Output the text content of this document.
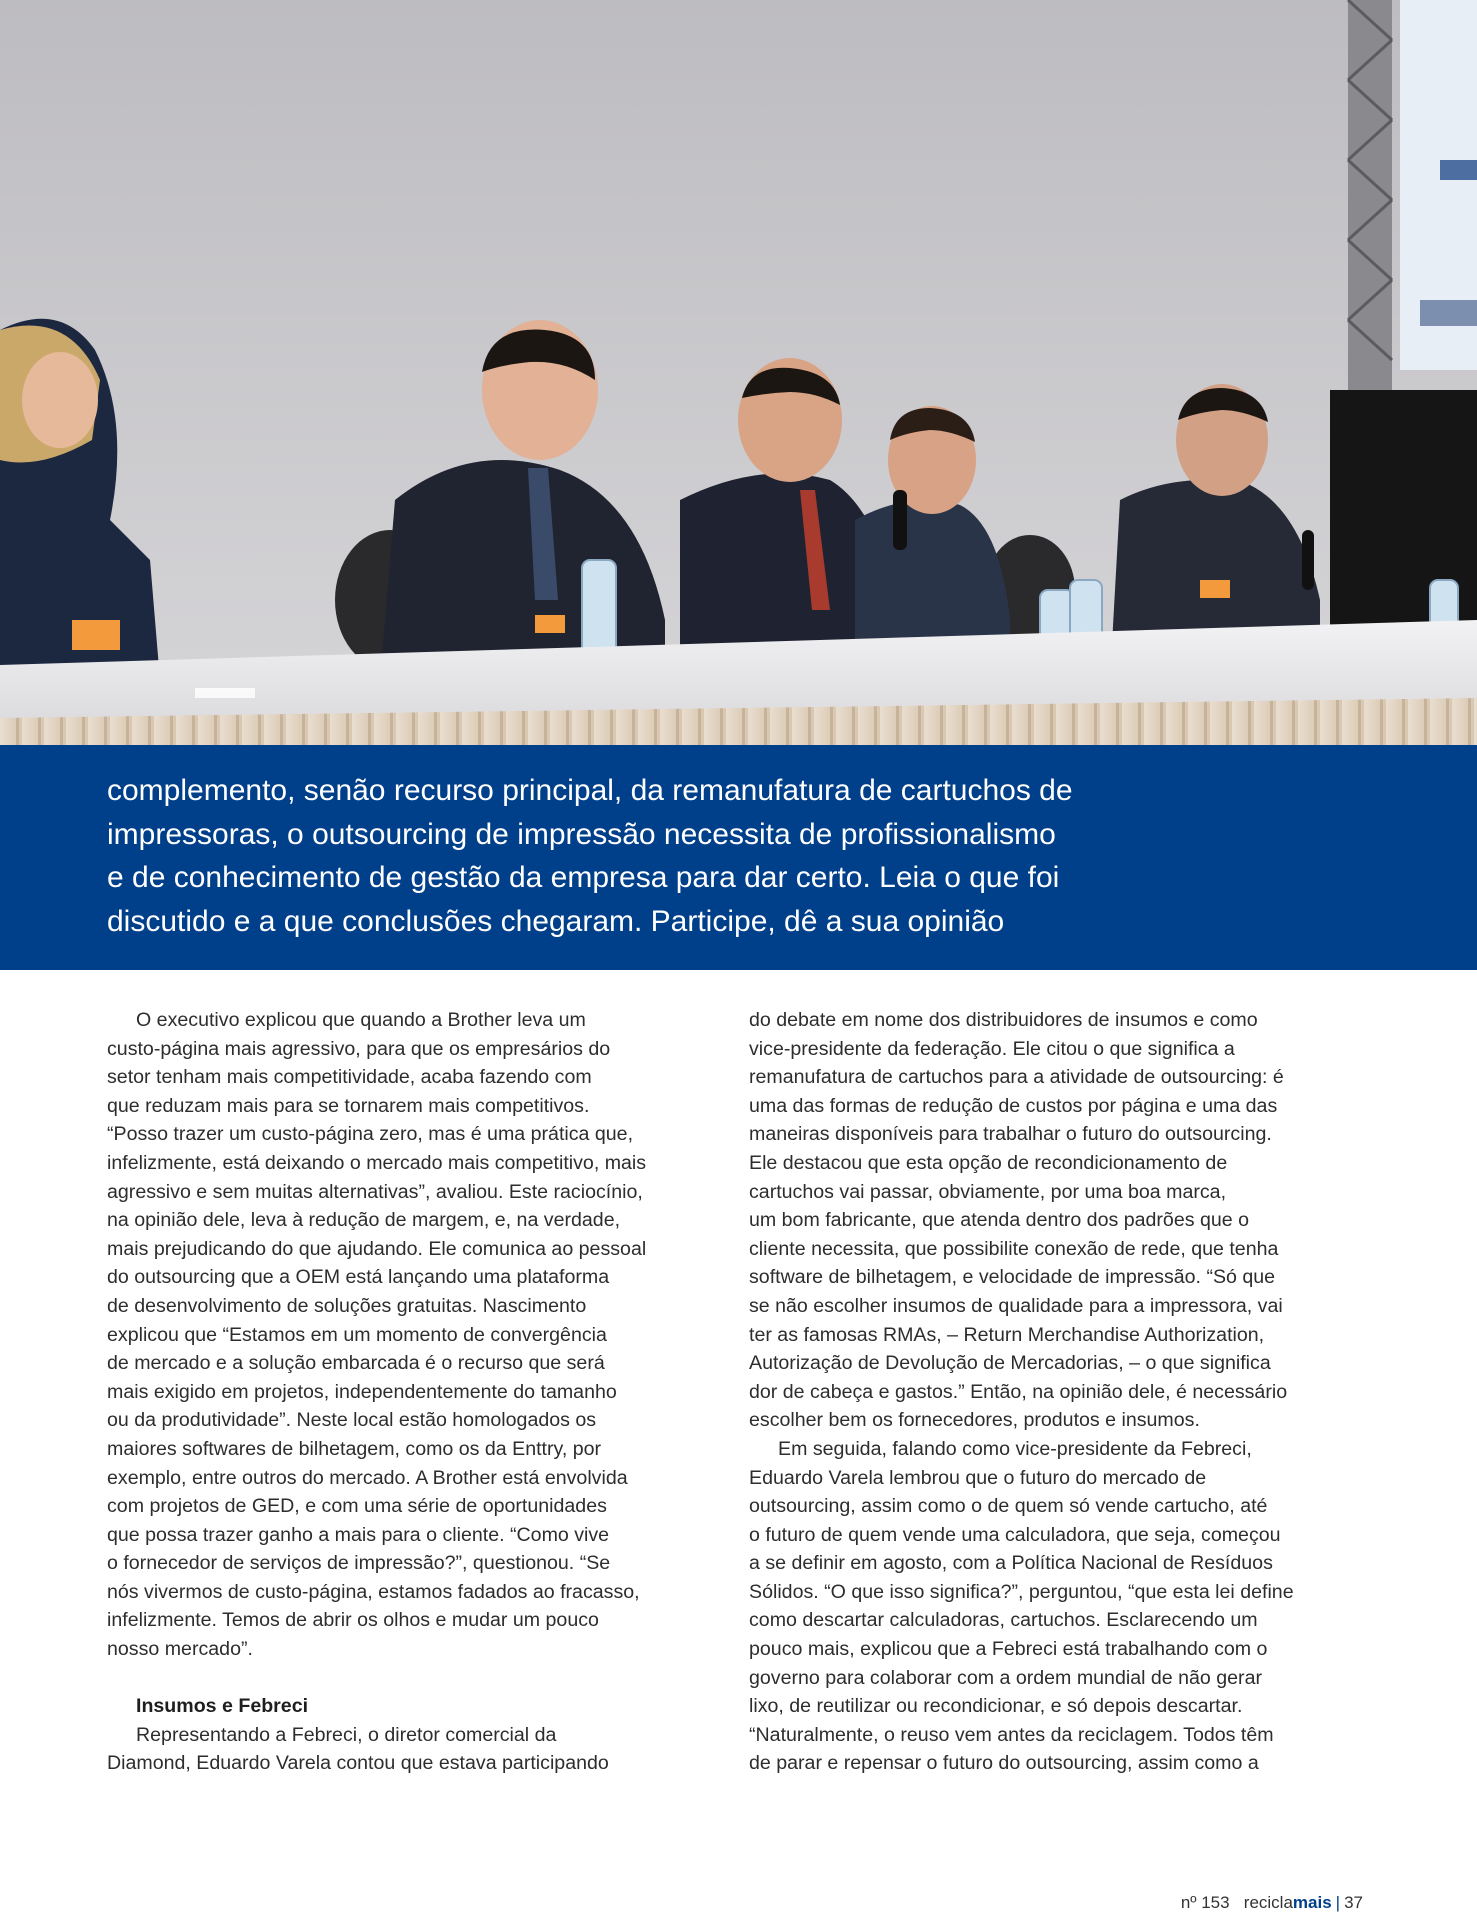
complemento, senão recurso principal, da remanufatura de cartuchos de
impressoras, o outsourcing de impressão necessita de profissionalismo
e de conhecimento de gestão da empresa para dar certo. Leia o que foi
discutido e a que conclusões chegaram. Participe, dê a sua opinião

O executivo explicou que quando a Brother leva um
custo-página mais agressivo, para que os empresários do
setor tenham mais competitividade, acaba fazendo com
que reduzam mais para se tornarem mais competitivos.
“Posso trazer um custo-página zero, mas é uma prática que,
infelizmente, está deixando o mercado mais competitivo, mais
agressivo e sem muitas alternativas”, avaliou. Este raciocínio,
na opinião dele, leva à redução de margem, e, na verdade,
mais prejudicando do que ajudando. Ele comunica ao pessoal
do outsourcing que a OEM está lançando uma plataforma
de desenvolvimento de soluções gratuitas. Nascimento
explicou que “Estamos em um momento de convergência
de mercado e a solução embarcada é o recurso que será
mais exigido em projetos, independentemente do tamanho
ou da produtividade”. Neste local estão homologados os
maiores softwares de bilhetagem, como os da Enttry, por
exemplo, entre outros do mercado. A Brother está envolvida
com projetos de GED, e com uma série de oportunidades
que possa trazer ganho a mais para o cliente. “Como vive
o fornecedor de serviços de impressão?”, questionou. “Se
nós vivermos de custo-página, estamos fadados ao fracasso,
infelizmente. Temos de abrir os olhos e mudar um pouco
nosso mercado”.
Insumos e Febreci
Representando a Febreci, o diretor comercial da
Diamond, Eduardo Varela contou que estava participando
do debate em nome dos distribuidores de insumos e como
vice-presidente da federação. Ele citou o que significa a
remanufatura de cartuchos para a atividade de outsourcing: é
uma das formas de redução de custos por página e uma das
maneiras disponíveis para trabalhar o futuro do outsourcing.
Ele destacou que esta opção de recondicionamento de
cartuchos vai passar, obviamente, por uma boa marca,
um bom fabricante, que atenda dentro dos padrões que o
cliente necessita, que possibilite conexão de rede, que tenha
software de bilhetagem, e velocidade de impressão. “Só que
se não escolher insumos de qualidade para a impressora, vai
ter as famosas RMAs, – Return Merchandise Authorization,
Autorização de Devolução de Mercadorias, – o que significa
dor de cabeça e gastos.” Então, na opinião dele, é necessário
escolher bem os fornecedores, produtos e insumos.
Em seguida, falando como vice-presidente da Febreci,
Eduardo Varela lembrou que o futuro do mercado de
outsourcing, assim como o de quem só vende cartucho, até
o futuro de quem vende uma calculadora, que seja, começou
a se definir em agosto, com a Política Nacional de Resíduos
Sólidos. “O que isso significa?”, perguntou, “que esta lei define
como descartar calculadoras, cartuchos. Esclarecendo um
pouco mais, explicou que a Febreci está trabalhando com o
governo para colaborar com a ordem mundial de não gerar
lixo, de reutilizar ou recondicionar, e só depois descartar.
“Naturalmente, o reuso vem antes da reciclagem. Todos têm
de parar e repensar o futuro do outsourcing, assim como a
nº 153 reciclamais | 37
